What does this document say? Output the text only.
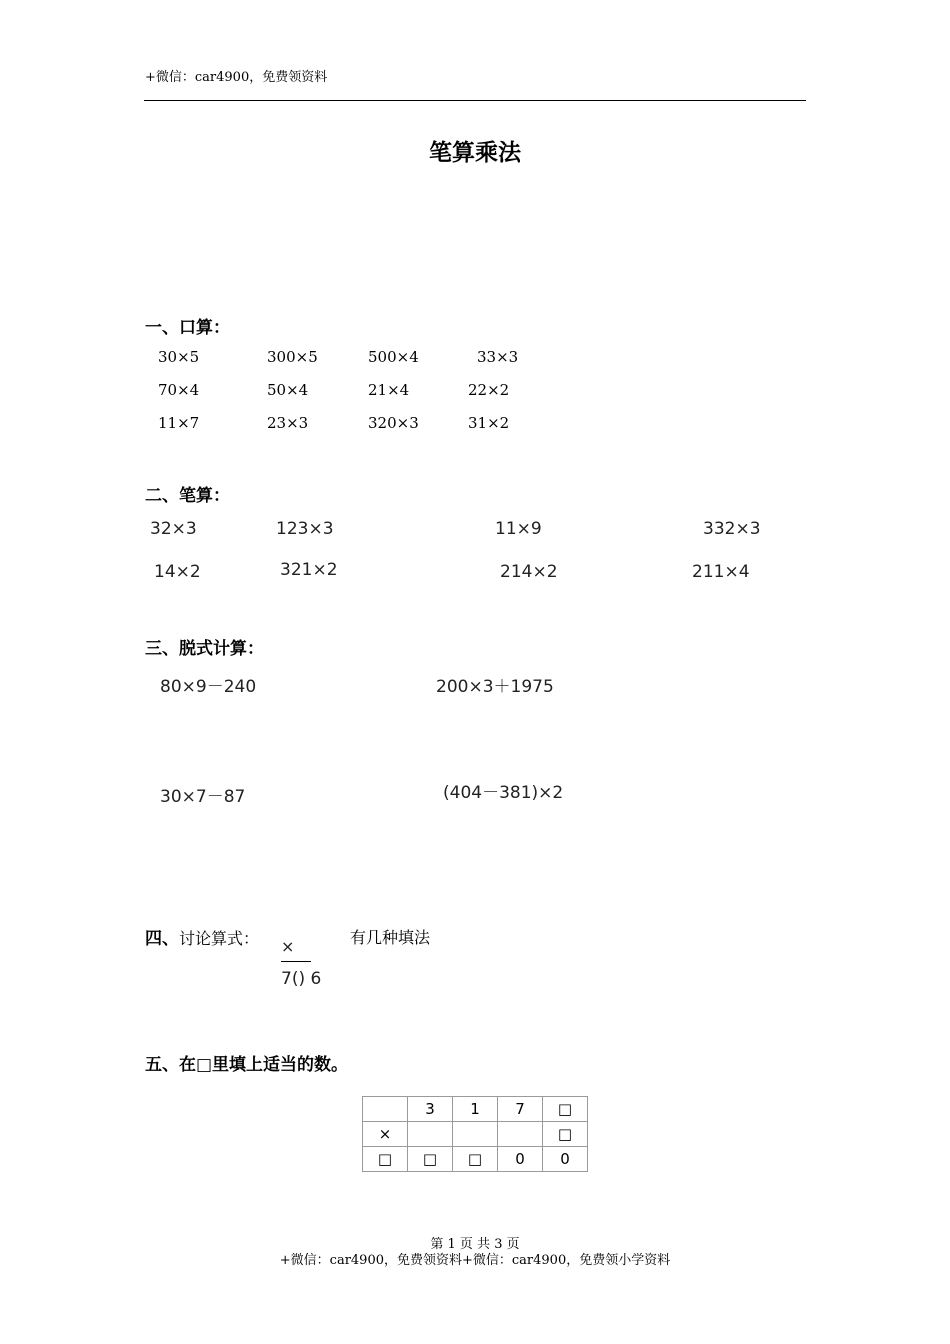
+微信：car4900，免费领资料
笔算乘法
一、口算：
30×5	300×5	500×4	33×3
70×4	50×4	21×4	22×2
11×7	23×3	320×3	31×2
二、笔算：
32×3	123×3	11×9	332×3
14×2	321×2	214×2	211×4
三、脱式计算：
80×9－240	200×3＋1975
30×7－87	(404－381)×2
四、讨论算式： ×
7() 6
有几种填法
五、在□里填上适当的数。
	3	1	7	□
×				□
□	□	□	0	0
第 1 页 共 3 页
+微信：car4900，免费领资料+微信：car4900，免费领小学资料
